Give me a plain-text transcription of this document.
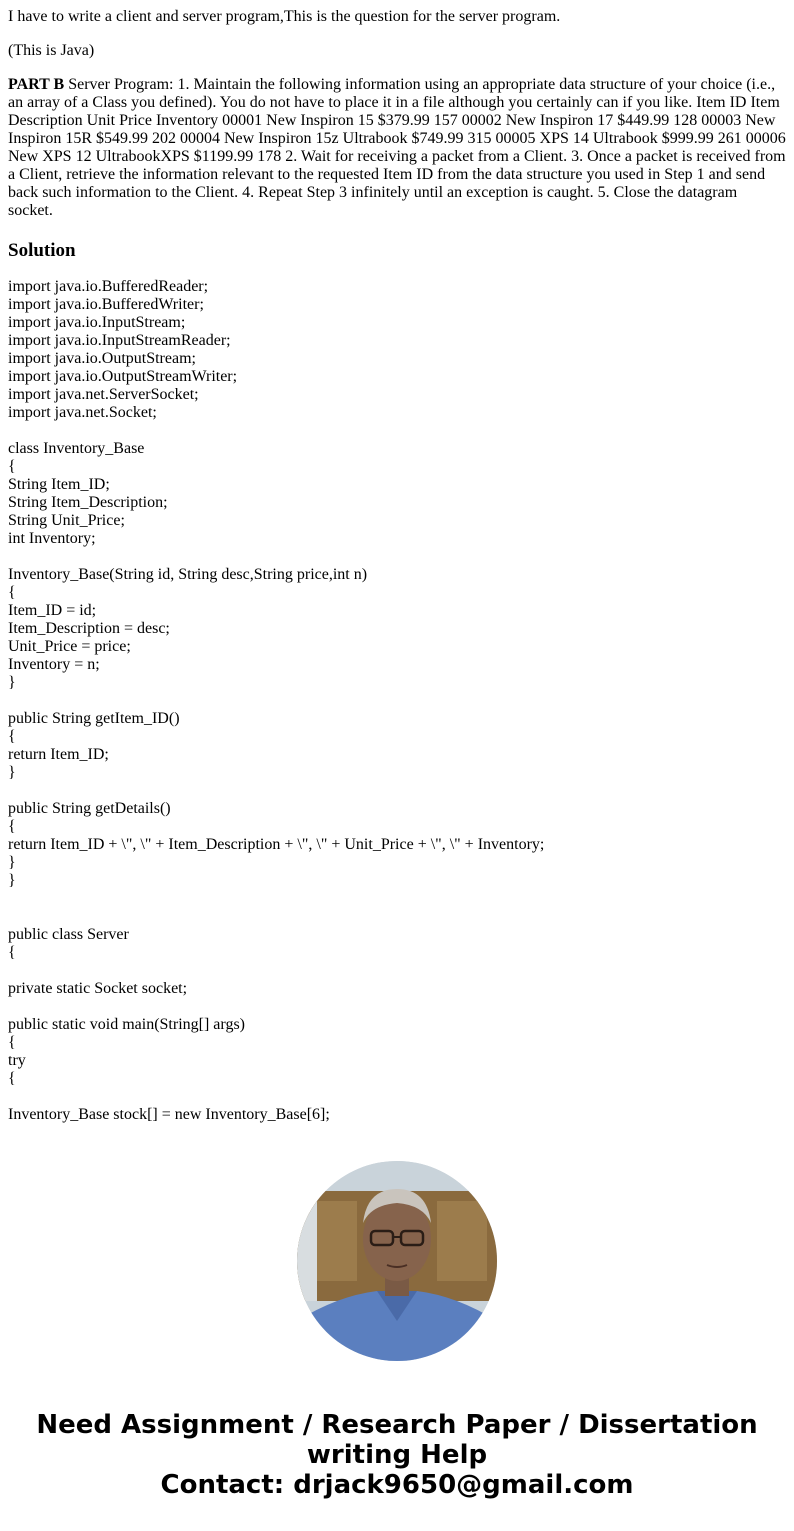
I have to write a client and server program,This is the question for the server program.

(This is Java)

PART B Server Program: 1. Maintain the following information using an appropriate data structure of your choice (i.e., an array of a Class you defined). You do not have to place it in a file although you certainly can if you like. Item ID Item Description Unit Price Inventory 00001 New Inspiron 15 $379.99 157 00002 New Inspiron 17 $449.99 128 00003 New Inspiron 15R $549.99 202 00004 New Inspiron 15z Ultrabook $749.99 315 00005 XPS 14 Ultrabook $999.99 261 00006 New XPS 12 UltrabookXPS $1199.99 178 2. Wait for receiving a packet from a Client. 3. Once a packet is received from a Client, retrieve the information relevant to the requested Item ID from the data structure you used in Step 1 and send back such information to the Client. 4. Repeat Step 3 infinitely until an exception is caught. 5. Close the datagram socket.

Solution
import java.io.BufferedReader;
import java.io.BufferedWriter;
import java.io.InputStream;
import java.io.InputStreamReader;
import java.io.OutputStream;
import java.io.OutputStreamWriter;
import java.net.ServerSocket;
import java.net.Socket;
class Inventory_Base
{
String Item_ID;
String Item_Description;
String Unit_Price;
int Inventory;
Inventory_Base(String id, String desc,String price,int n)
{
Item_ID = id;
Item_Description = desc;
Unit_Price = price;
Inventory = n;
}
public String getItem_ID()
{
return Item_ID;
}
public String getDetails()
{
return Item_ID + \", \" + Item_Description + \", \" + Unit_Price + \", \" + Inventory;
}
}
public class Server
{
private static Socket socket;
public static void main(String[] args)
{
try
{
Inventory_Base stock[] = new Inventory_Base[6];
Need Assignment / Research Paper / Dissertation
writing Help
Contact: drjack9650@gmail.com
